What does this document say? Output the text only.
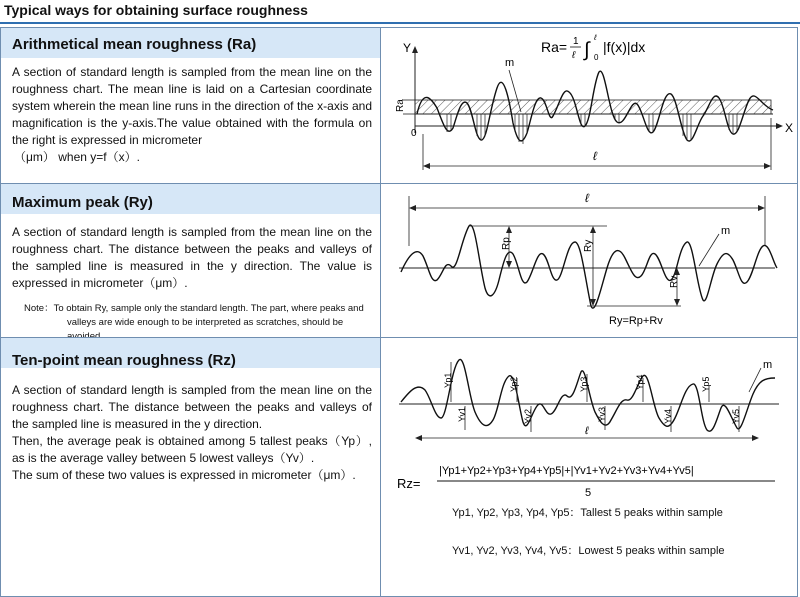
Typical ways for obtaining surface roughness
Arithmetical mean roughness (Ra)

A section of standard length is sampled from the mean line on the roughness chart. The mean line is laid on a Cartesian coordinate system wherein the mean line runs in the direction of the x-axis and magnification is the y-axis.The value obtained with the formula on the right is expressed in micrometer

（μm） when y=f（x）.

Maximum peak (Ry)

A section of standard length is sampled from the mean line on the roughness chart. The distance between the peaks and valleys of the sampled line is measured in the y direction. The value is expressed in micrometer（μm）.

Note：To obtain Ry, sample only the standard length. The part, where peaks and
valleys are wide enough to be interpreted as scratches, should be
Ten-point mean roughness (Rz)

A section of standard length is sampled from the mean line on the roughness chart. The distance between the peaks and valleys of the sampled line is measured in the y direction.

Then, the average peak is obtained among 5 tallest peaks（Yp）, as is the average valley between 5 lowest valleys（Yv）.

The sum of these two values is expressed in micrometer（μm）.

Y
X
0
Ra
m
ℓ
Ra= 1
ℓ ∫
ℓ
0
|f(x)|dx
ℓ
Rp	Ry
Rv
m
Ry=Rp+Rv
Yp1	Yp2	Yp3	Yp4	Yp5
Yv1	Yv2	Yv3	Yv4	Yv5
m
ℓ
Rz=
|Yp1+Yp2+Yp3+Yp4+Yp5|+|Yv1+Yv2+Yv3+Yv4+Yv5|
5
Yp1, Yp2, Yp3, Yp4, Yp5：Tallest 5 peaks within sample
Yv1, Yv2, Yv3, Yv4, Yv5：Lowest 5 peaks within sample
